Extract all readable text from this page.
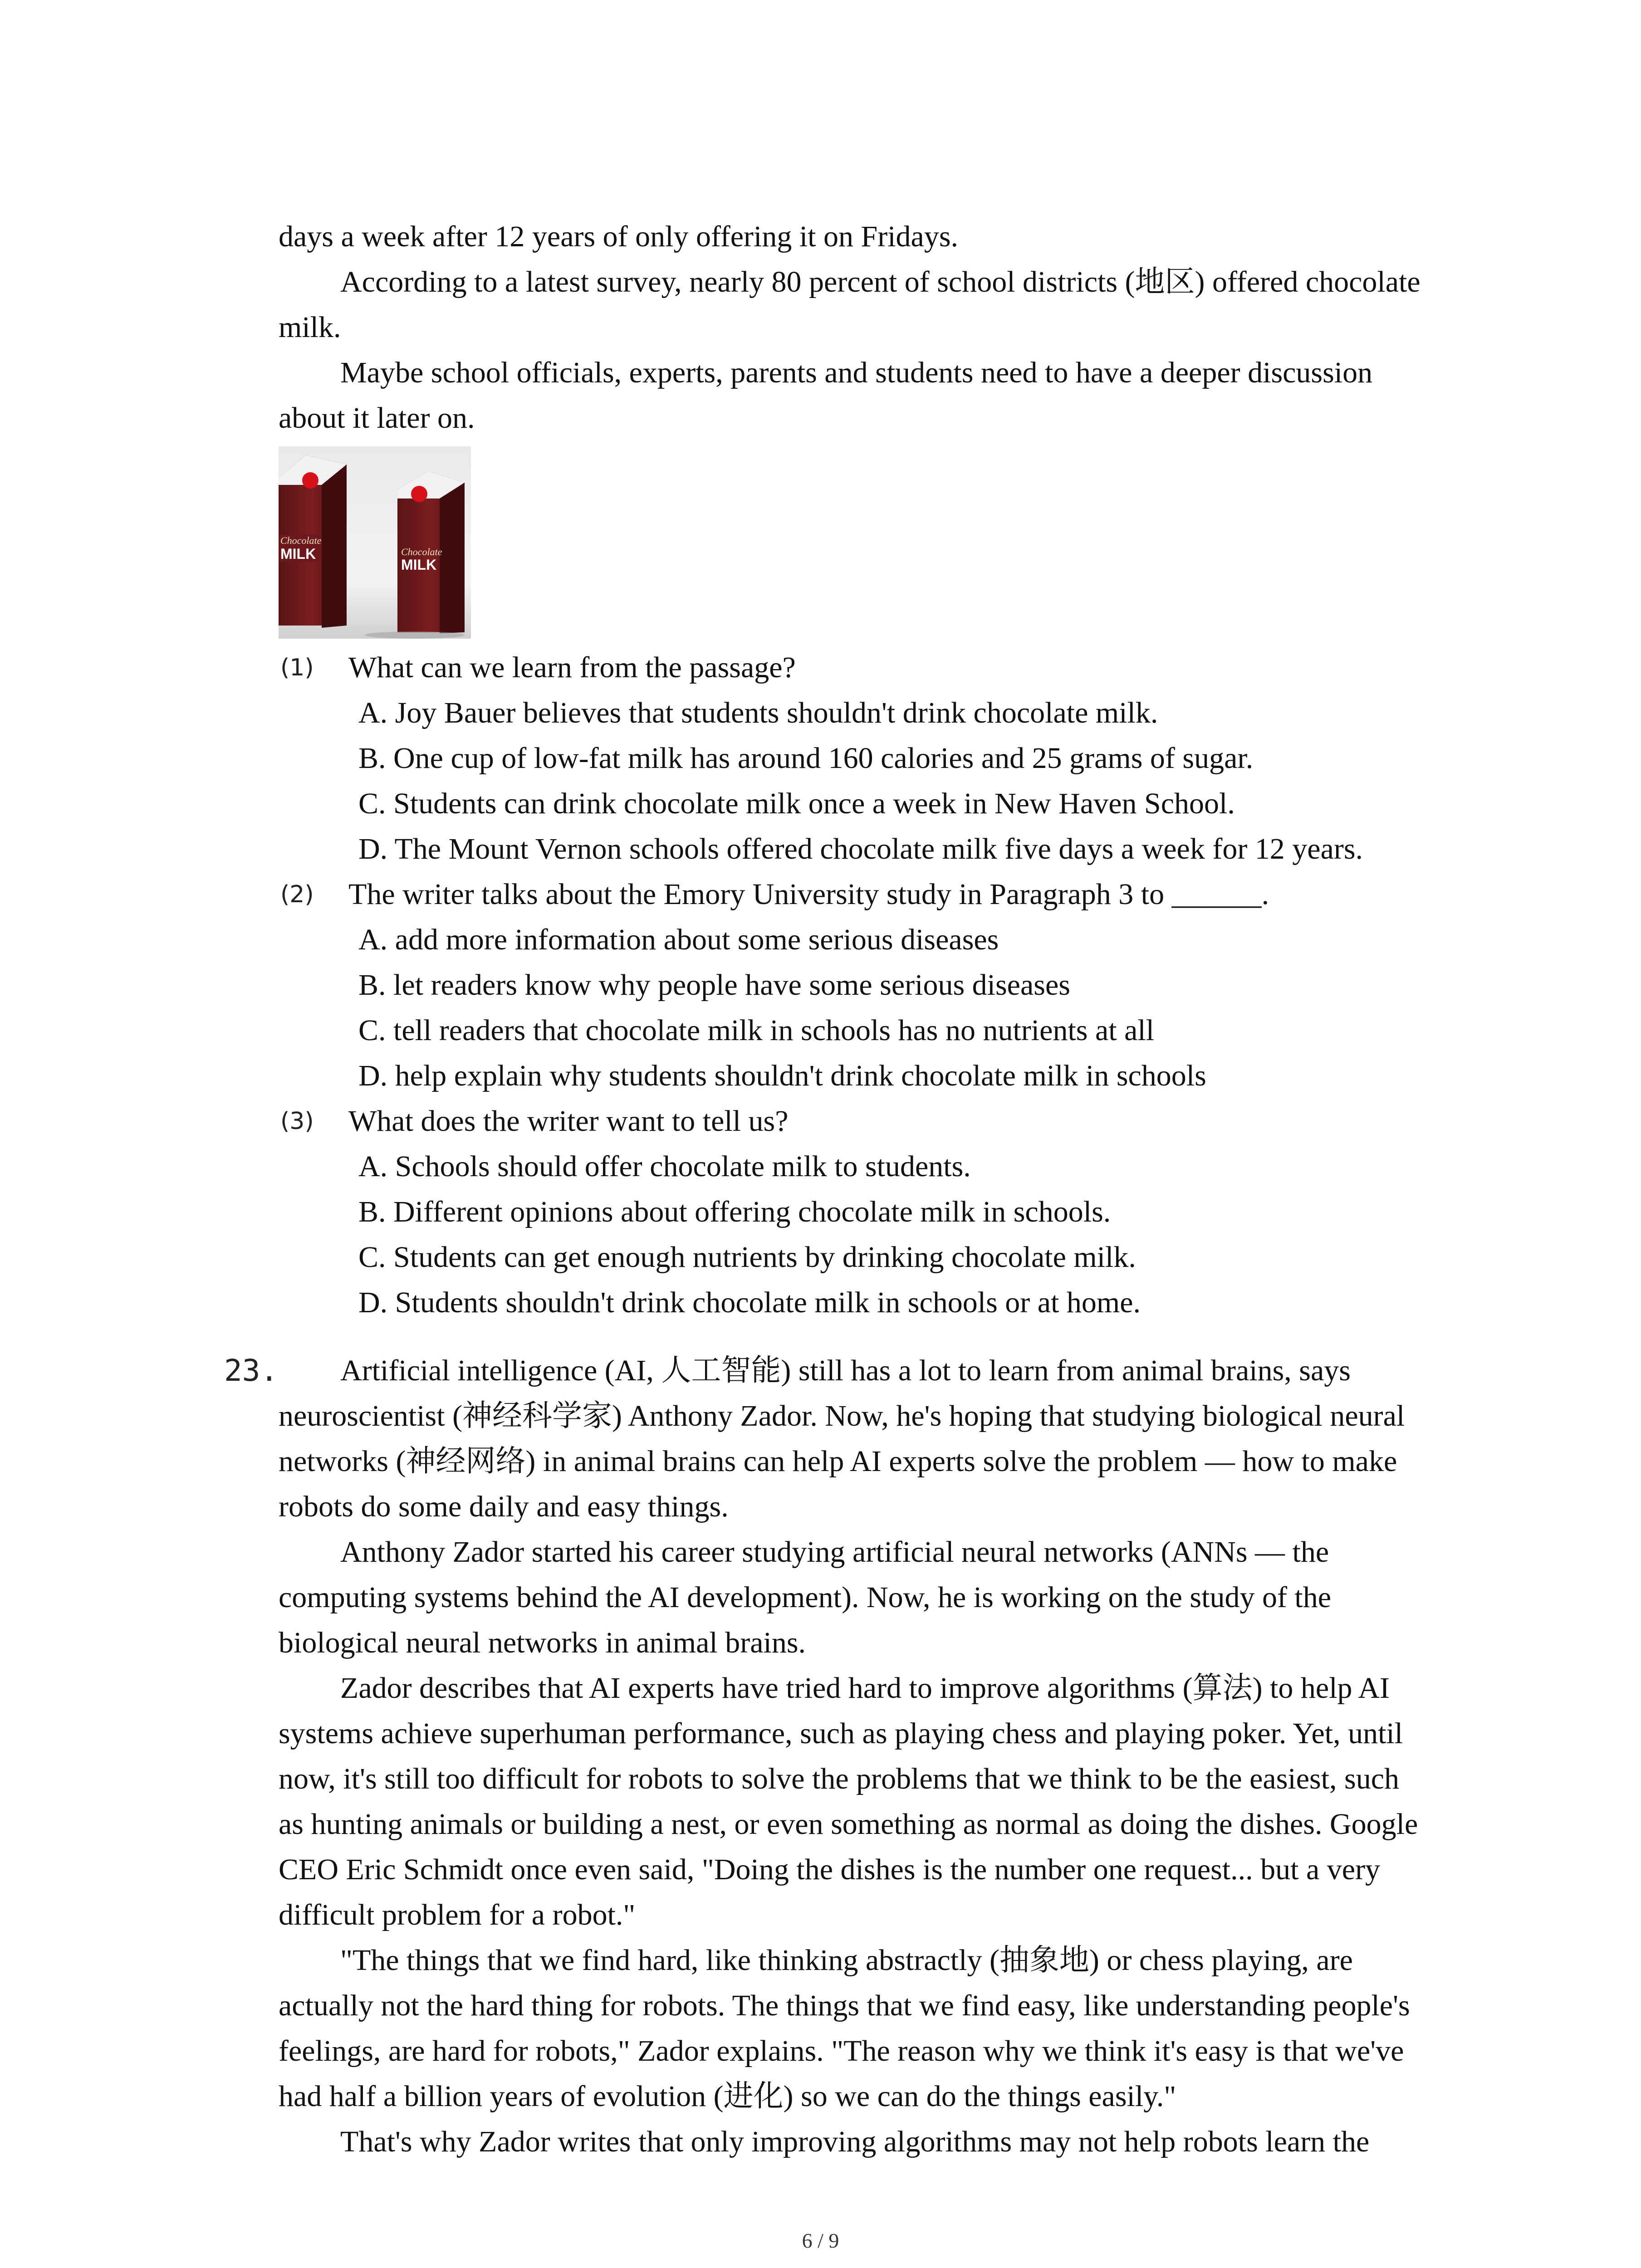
days a week after 12 years of only offering it on Fridays.
According to a latest survey, nearly 80 percent of school districts (地区) offered chocolate
milk.
Maybe school officials, experts, parents and students need to have a deeper discussion
about it later on.
Chocolate
MILK	Chocolate
MILK
(1) What can we learn from the passage?
A. Joy Bauer believes that students shouldn't drink chocolate milk.
B. One cup of low-fat milk has around 160 calories and 25 grams of sugar.
C. Students can drink chocolate milk once a week in New Haven School.
D. The Mount Vernon schools offered chocolate milk five days a week for 12 years.
(2) The writer talks about the Emory University study in Paragraph 3 to ______.
A. add more information about some serious diseases
B. let readers know why people have some serious diseases
C. tell readers that chocolate milk in schools has no nutrients at all
D. help explain why students shouldn't drink chocolate milk in schools
(3) What does the writer want to tell us?
A. Schools should offer chocolate milk to students.
B. Different opinions about offering chocolate milk in schools.
C. Students can get enough nutrients by drinking chocolate milk.
D. Students shouldn't drink chocolate milk in schools or at home.
23. Artificial intelligence (AI, 人工智能) still has a lot to learn from animal brains, says
neuroscientist (神经科学家) Anthony Zador. Now, he's hoping that studying biological neural
networks (神经网络) in animal brains can help AI experts solve the problem — how to make
robots do some daily and easy things.
Anthony Zador started his career studying artificial neural networks (ANNs — the
computing systems behind the AI development). Now, he is working on the study of the
biological neural networks in animal brains.
Zador describes that AI experts have tried hard to improve algorithms (算法) to help AI
systems achieve superhuman performance, such as playing chess and playing poker. Yet, until
now, it's still too difficult for robots to solve the problems that we think to be the easiest, such
as hunting animals or building a nest, or even something as normal as doing the dishes. Google
CEO Eric Schmidt once even said, "Doing the dishes is the number one request... but a very
difficult problem for a robot."
"The things that we find hard, like thinking abstractly (抽象地) or chess playing, are
actually not the hard thing for robots. The things that we find easy, like understanding people's
feelings, are hard for robots," Zador explains. "The reason why we think it's easy is that we've
had half a billion years of evolution (进化) so we can do the things easily."
That's why Zador writes that only improving algorithms may not help robots learn the
6 / 9
